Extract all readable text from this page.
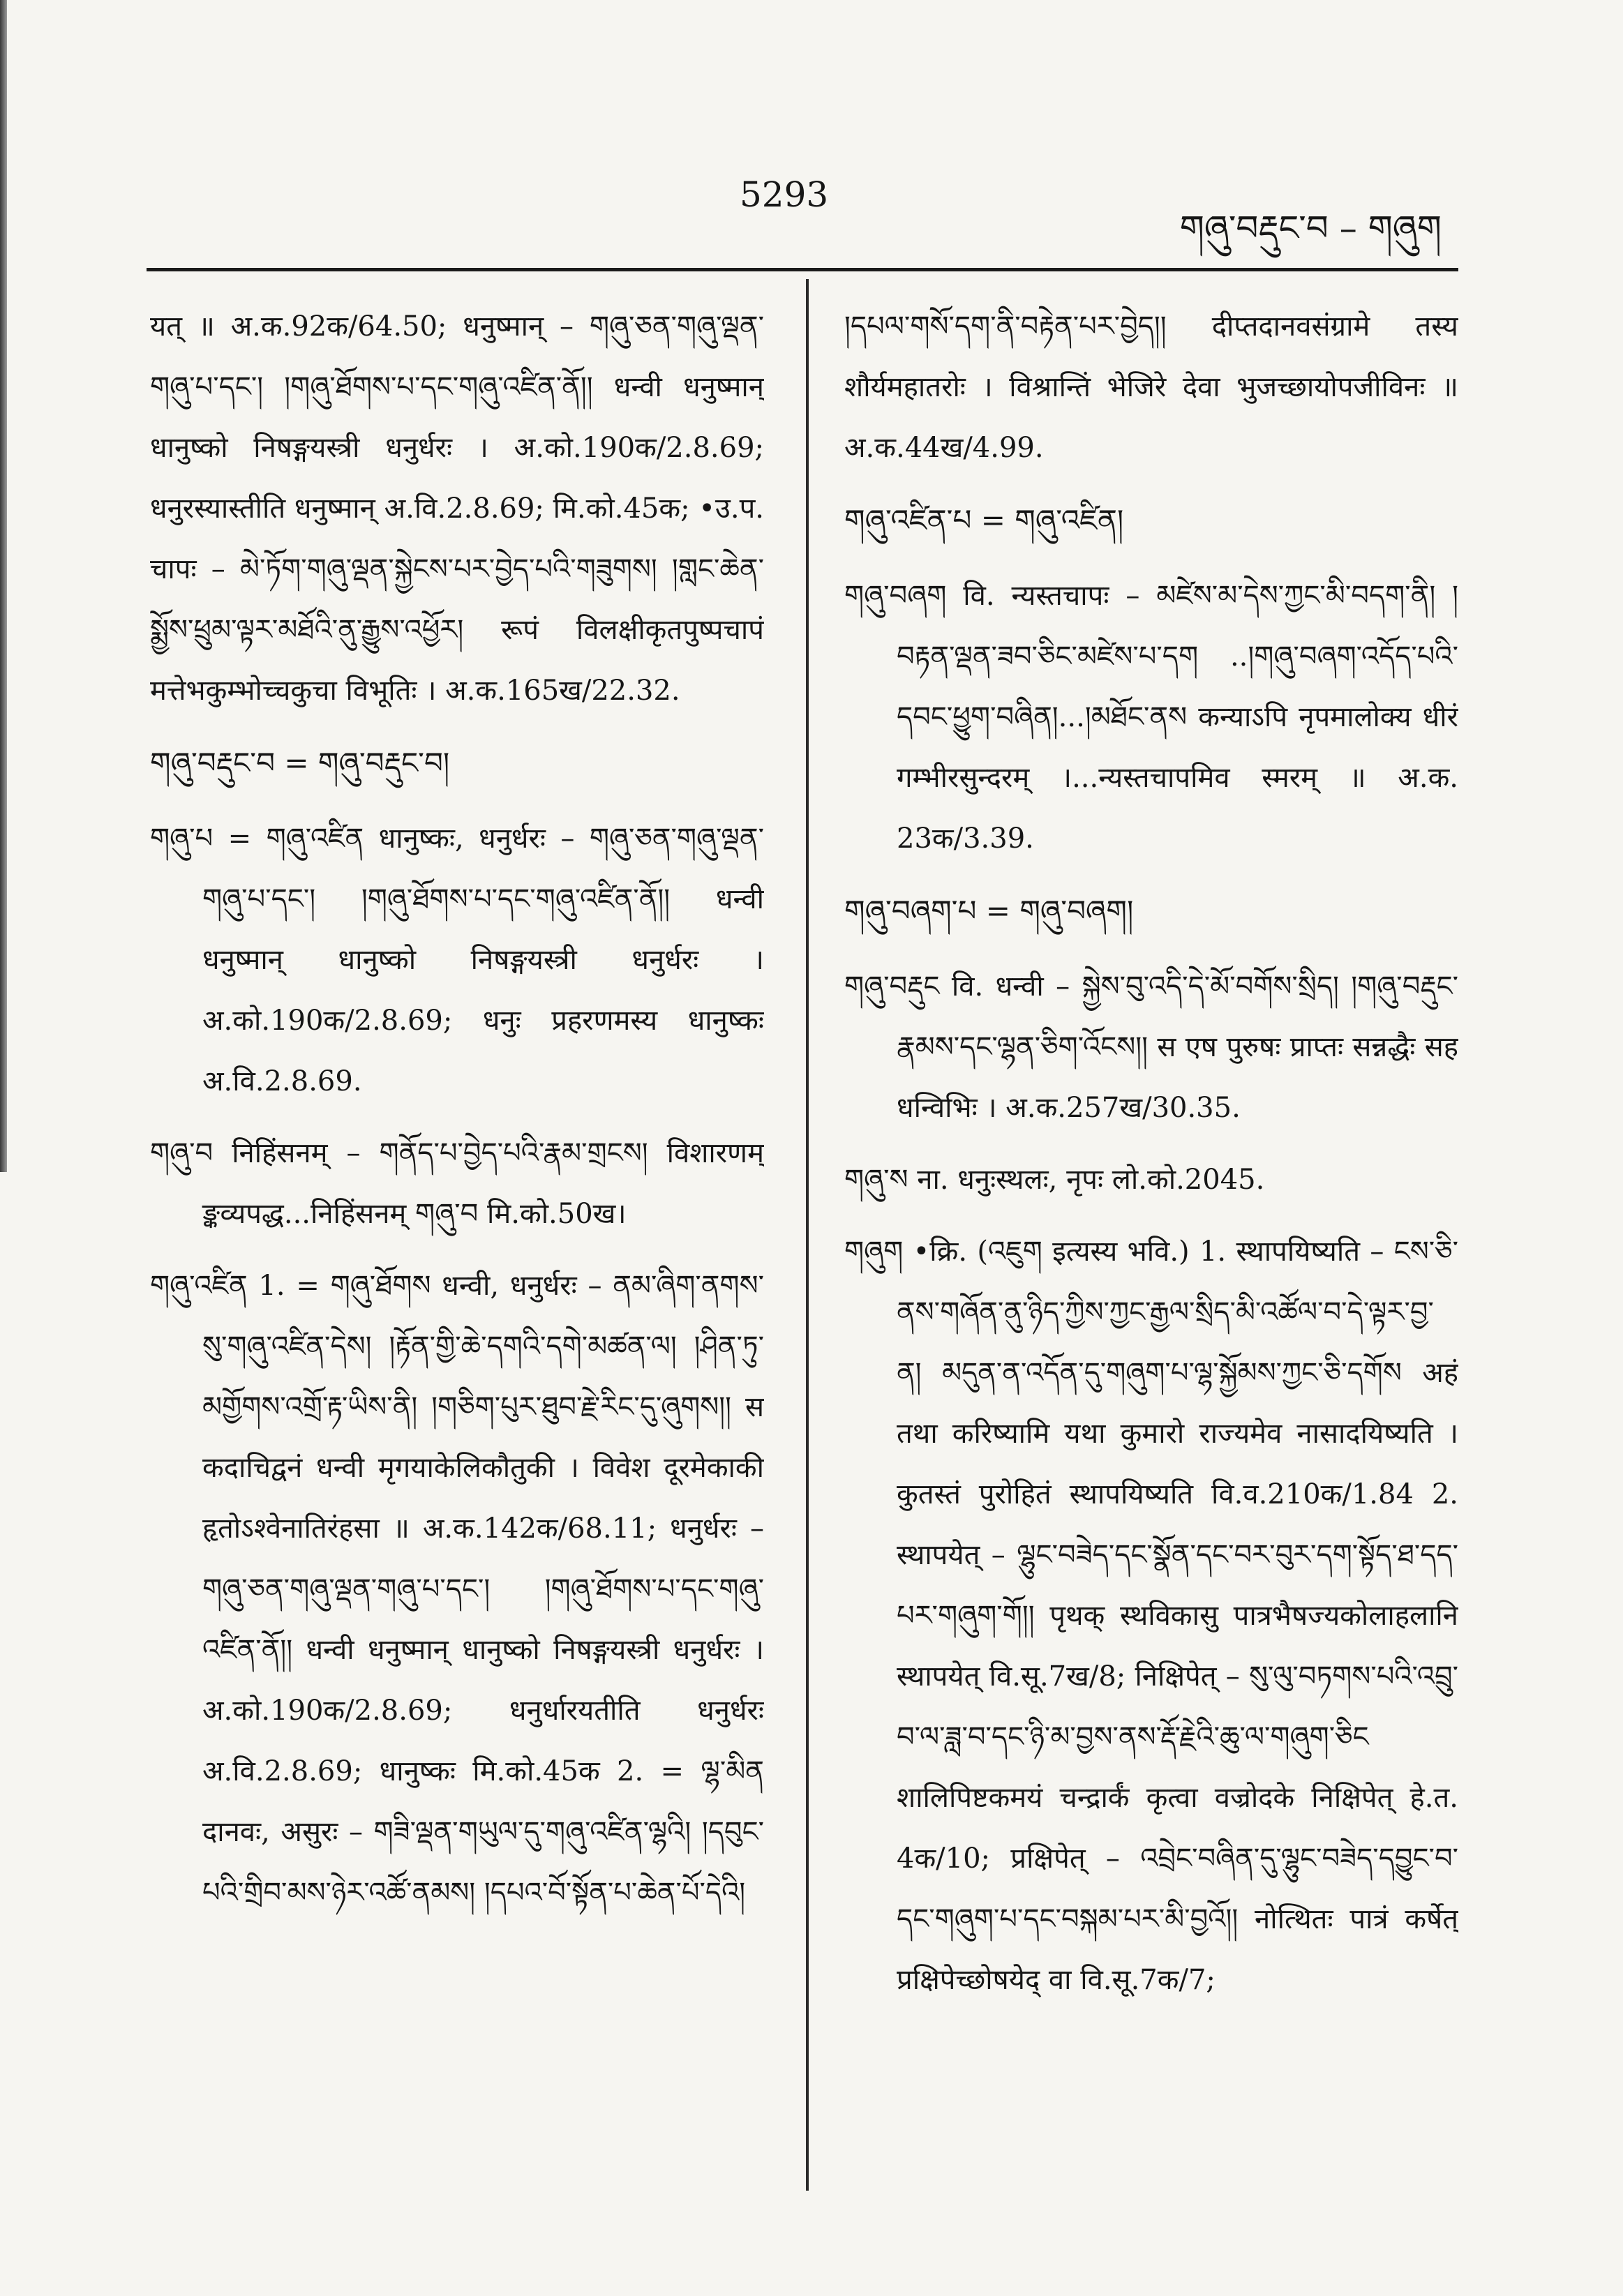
5293
གཞུ་བརྡུང་བ – གཞུག

यत् ॥ अ.क.92क/64.50; धनुष्मान् – གཞུ་ཅན་གཞུ་ལྡན་གཞུ་པ་དང་། །གཞུ་ཐོགས་པ་དང་གཞུ་འཛིན་ནོ།། धन्वी धनुष्मान् धानुष्को निषङ्गयस्त्री धनुर्धरः । अ.को.190क/2.8.69; धनुरस्यास्तीति धनुष्मान् अ.वि.2.8.69; मि.को.45क; •उ.प. चापः – མེ་ཏོག་གཞུ་ལྡན་སྐྱེངས་པར་བྱེད་པའི་གཟུགས། །གླང་ཆེན་སྨྱོས་ཕྲུམ་ལྟར་མཐོའི་ནུ་རྒྱུས་འཕྱོར། रूपं विलक्षीकृतपुष्पचापं मत्तेभकुम्भोच्चकुचा विभूतिः । अ.क.165ख/22.32.

གཞུ་བརྡུང་བ = གཞུ་བརྡུང་བ།

གཞུ་པ = གཞུ་འཛིན धानुष्कः, धनुर्धरः – གཞུ་ཅན་གཞུ་ལྡན་གཞུ་པ་དང་། །གཞུ་ཐོགས་པ་དང་གཞུ་འཛིན་ནོ།། धन्वी धनुष्मान् धानुष्को निषङ्गयस्त्री धनुर्धरः । अ.को.190क/2.8.69; धनुः प्रहरणमस्य धानुष्कः अ.वि.2.8.69.

གཞུ་བ निहिंसनम् – གནོད་པ་བྱེད་པའི་རྣམ་གྲངས། विशारणम् ङ्कव्यपद्ध...निहिंसनम् གཞུ་བ मि.को.50ख।

གཞུ་འཛིན 1. = གཞུ་ཐོགས धन्वी, धनुर्धरः – ནམ་ཞིག་ནགས་སུ་གཞུ་འཛིན་དེས། །རྟོན་གྱི་ཆེ་དགའི་དགེ་མཚན་ལ། །ཤིན་ཏུ་མགྱོགས་འགྲོ་རྟ་ཡིས་ནི། །གཅིག་པུར་ཐུབ་རྗེ་རིང་དུ་ཞུགས།། स कदाचिद्वनं धन्वी मृगयाकेलिकौतुकी । विवेश दूरमेकाकी हृतोऽश्वेनातिरंहसा ॥ अ.क.142क/68.11; धनुर्धरः – གཞུ་ཅན་གཞུ་ལྡན་གཞུ་པ་དང་། །གཞུ་ཐོགས་པ་དང་གཞུ་འཛིན་ནོ།། धन्वी धनुष्मान् धानुष्को निषङ्गयस्त्री धनुर्धरः । अ.को.190क/2.8.69; धनुर्धारयतीति धनुर्धरः अ.वि.2.8.69; धानुष्कः मि.को.45क 2. = ལྷ་མིན दानवः, असुरः – གཟི་ལྡན་གཡུལ་དུ་གཞུ་འཛིན་ལྷའི། །དབུང་པའི་གྲིབ་མས་ཉེར་འཚོ་ནམས། །དཔའ་བོ་སྟོན་པ་ཆེན་པོ་དེའི།

།དཔལ་གསོ་དག་ནི་བརྟེན་པར་བྱེད།། दीप्तदानवसंग्रामे तस्य शौर्यमहातरोः । विश्रान्तिं भेजिरे देवा भुजच्छायोपजीविनः ॥ अ.क.44ख/4.99.

གཞུ་འཛིན་པ = གཞུ་འཛིན།

གཞུ་བཞག वि. न्यस्तचापः – མཛེས་མ་དེས་ཀྱང་མི་བདག་ནི། །བརྟན་ལྡན་ཟབ་ཅིང་མཛེས་པ་དག ..།གཞུ་བཞག་འདོད་པའི་དབང་ཕྱུག་བཞིན།...།མཐོང་ནས कन्याऽपि नृपमालोक्य धीरं गम्भीरसुन्दरम् ।...न्यस्तचापमिव स्मरम् ॥ अ.क. 23क/3.39.

གཞུ་བཞག་པ = གཞུ་བཞག།

གཞུ་བརྡུང वि. धन्वी – སྐྱེས་བུ་འདི་དེ་མོ་བགོས་སྲིད། །གཞུ་བརྡུང་རྣམས་དང་ལྷན་ཅིག་འོངས།། स एष पुरुषः प्राप्तः सन्नद्धैः सह धन्विभिः । अ.क.257ख/30.35.

གཞུ་ས ना. धनुःस्थलः, नृपः लो.को.2045.

གཞུག •क्रि. (འཇུག इत्यस्य भवि.) 1. स्थापयिष्यति – ངས་ཅི་ནས་གཞོན་ནུ་ཉིད་ཀྱིས་ཀྱང་རྒྱལ་སྲིད་མི་འཚོལ་བ་དེ་ལྟར་བྱ་ན། མདུན་ན་འདོན་དུ་གཞུག་པ་ལྷ་སྐྱོམས་ཀྱང་ཅི་དགོས अहं तथा करिष्यामि यथा कुमारो राज्यमेव नासादयिष्यति । कुतस्तं पुरोहितं स्थापयिष्यति वि.व.210क/1.84 2. स्थापयेत् – ལྷུང་བཟེད་དང་སྣོན་དང་བར་བུར་དག་སྟོད་ཐ་དད་པར་གཞུག་གོ།། पृथक् स्थविकासु पात्रभैषज्यकोलाहलानि स्थापयेत् वि.सू.7ख/8; निक्षिपेत् – སུ་ལུ་བཏགས་པའི་འབྲུ་བ་ལ་ཟླ་བ་དང་ཉི་མ་བྱས་ནས་རྡོ་རྗེའི་ཆུ་ལ་གཞུག་ཅིང शालिपिष्टकमयं चन्द्रार्कं कृत्वा वज्रोदके निक्षिपेत् हे.त. 4क/10; प्रक्षिपेत् – འབྲེང་བཞིན་དུ་ལྷུང་བཟེད་དབྱུང་བ་དང་གཞུག་པ་དང་བསྐམ་པར་མི་བྱའོ།། नोत्थितः पात्रं कर्षेत् प्रक्षिपेच्छोषयेद् वा वि.सू.7क/7;
